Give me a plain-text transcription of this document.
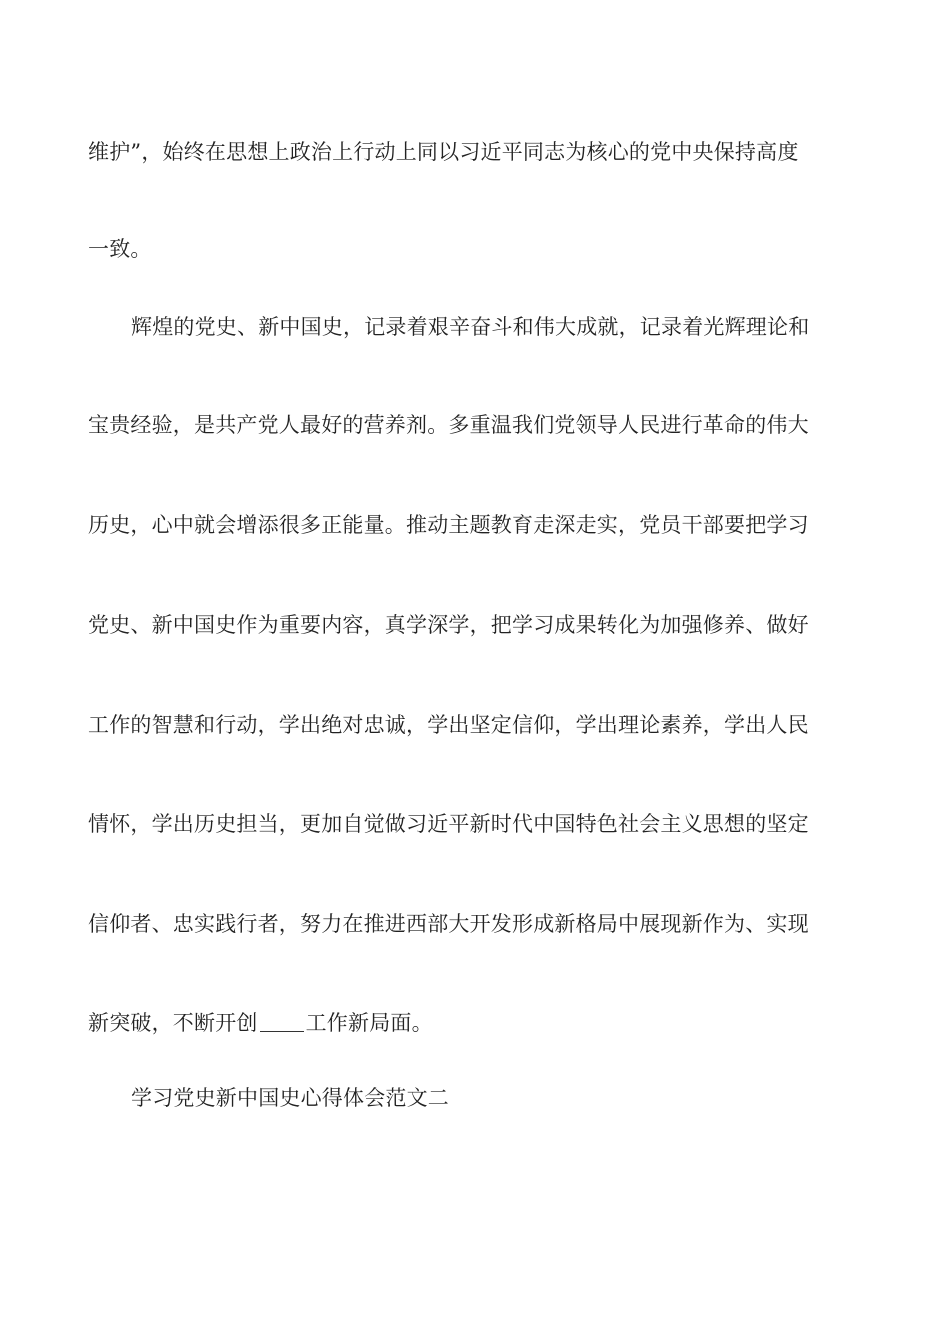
维护”，始终在思想上政治上行动上同以习近平同志为核心的党中央保持高度
一致。
辉煌的党史、新中国史，记录着艰辛奋斗和伟大成就，记录着光辉理论和
宝贵经验，是共产党人最好的营养剂。多重温我们党领导人民进行革命的伟大
历史，心中就会增添很多正能量。推动主题教育走深走实，党员干部要把学习
党史、新中国史作为重要内容，真学深学，把学习成果转化为加强修养、做好
工作的智慧和行动，学出绝对忠诚，学出坚定信仰，学出理论素养，学出人民
情怀，学出历史担当，更加自觉做习近平新时代中国特色社会主义思想的坚定
信仰者、忠实践行者，努力在推进西部大开发形成新格局中展现新作为、实现
新突破，不断开创 工作新局面。
学习党史新中国史心得体会范文二
